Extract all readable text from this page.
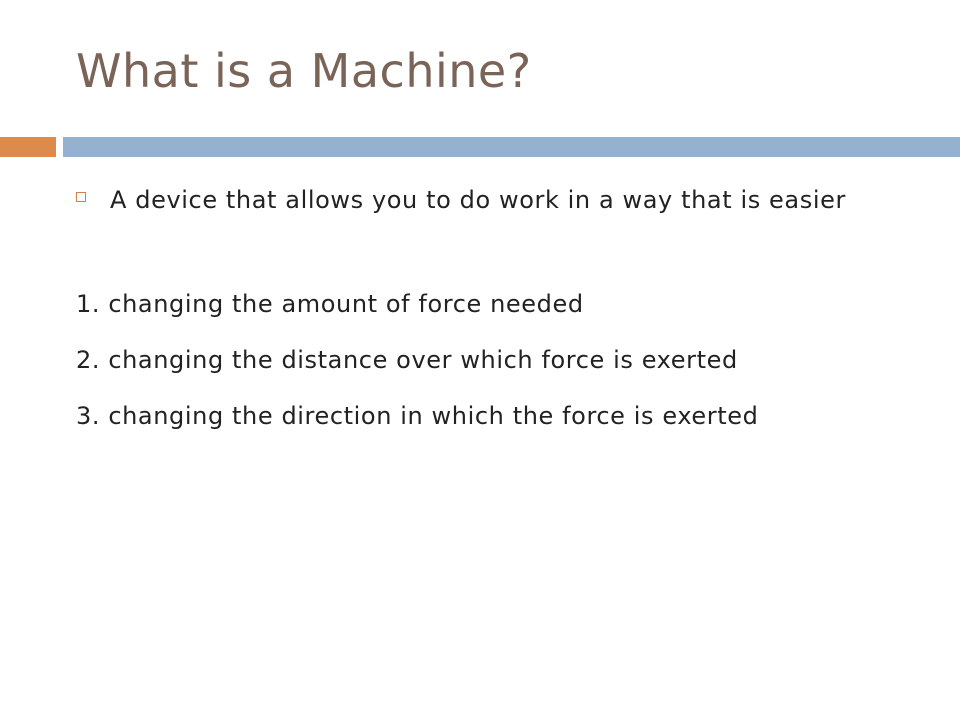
What is a Machine?
A device that allows you to do work in a way that is easier
1. changing the amount of force needed
2. changing the distance over which force is exerted
3. changing the direction in which the force is exerted
